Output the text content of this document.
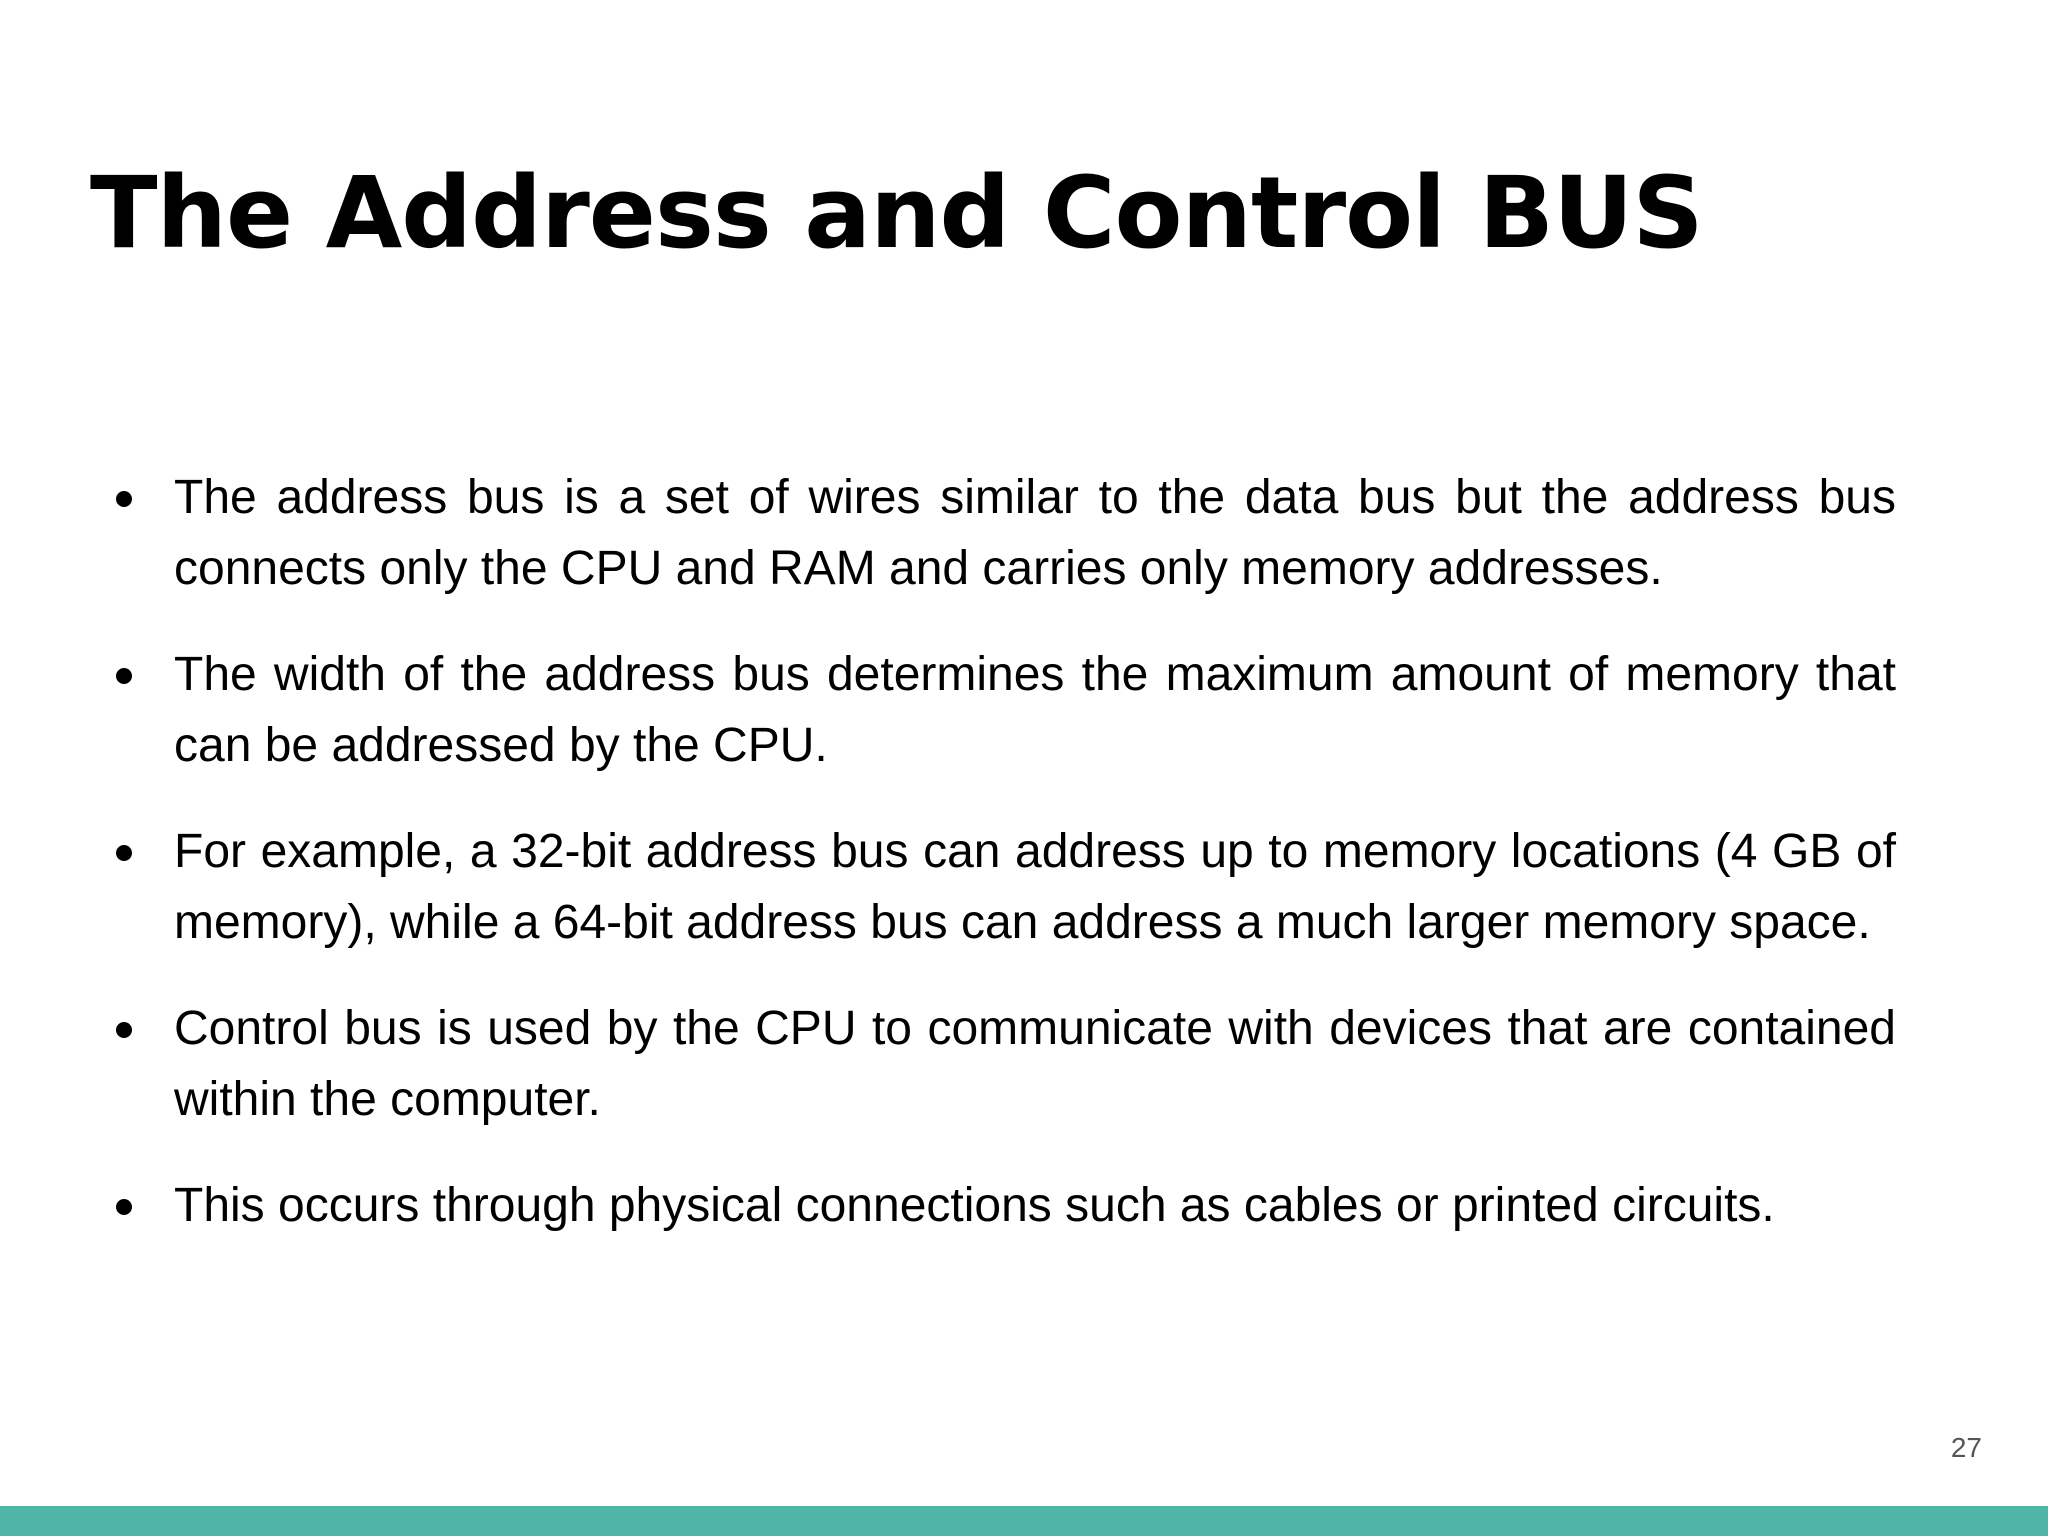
The Address and Control BUS
The address bus is a set of wires similar to the data bus but the address bus connects only the CPU and RAM and carries only memory addresses.
The width of the address bus determines the maximum amount of memory that can be addressed by the CPU.
For example, a 32-bit address bus can address up to memory locations (4 GB of memory), while a 64-bit address bus can address a much larger memory space.
Control bus is used by the CPU to communicate with devices that are contained within the computer.
This occurs through physical connections such as cables or printed circuits.
27
